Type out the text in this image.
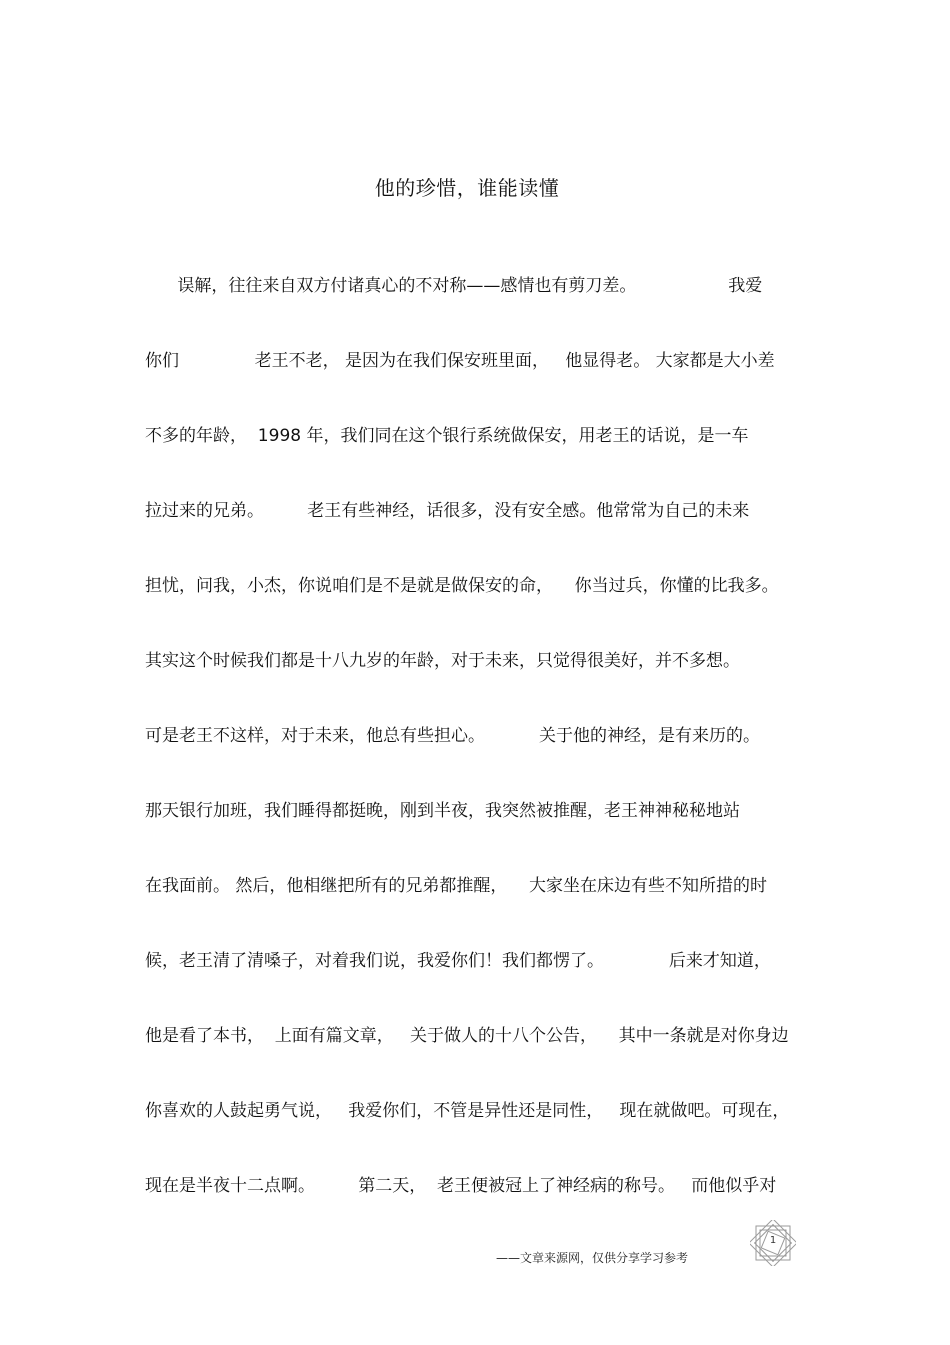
他的珍惜，谁能读懂
误解，往往来自双方付诸真心的不对称——感情也有剪刀差。                 我爱
你们              老王不老， 是因为在我们保安班里面，   他显得老。 大家都是大小差
不多的年龄，  1998 年，我们同在这个银行系统做保安，用老王的话说，是一车
拉过来的兄弟。        老王有些神经，话很多，没有安全感。他常常为自己的未来
担忧，问我，小杰，你说咱们是不是就是做保安的命，    你当过兵，你懂的比我多。
其实这个时候我们都是十八九岁的年龄，对于未来，只觉得很美好，并不多想。
可是老王不这样，对于未来，他总有些担心。          关于他的神经，是有来历的。
那天银行加班，我们睡得都挺晚，刚到半夜，我突然被推醒，老王神神秘秘地站
在我面前。 然后，他相继把所有的兄弟都推醒，    大家坐在床边有些不知所措的时
候，老王清了清嗓子，对着我们说，我爱你们！我们都愣了。            后来才知道，
他是看了本书，  上面有篇文章，   关于做人的十八个公告，    其中一条就是对你身边
你喜欢的人鼓起勇气说，   我爱你们，不管是异性还是同性，   现在就做吧。可现在，
现在是半夜十二点啊。        第二天，  老王便被冠上了神经病的称号。   而他似乎对
1
——文章来源网，仅供分享学习参考
